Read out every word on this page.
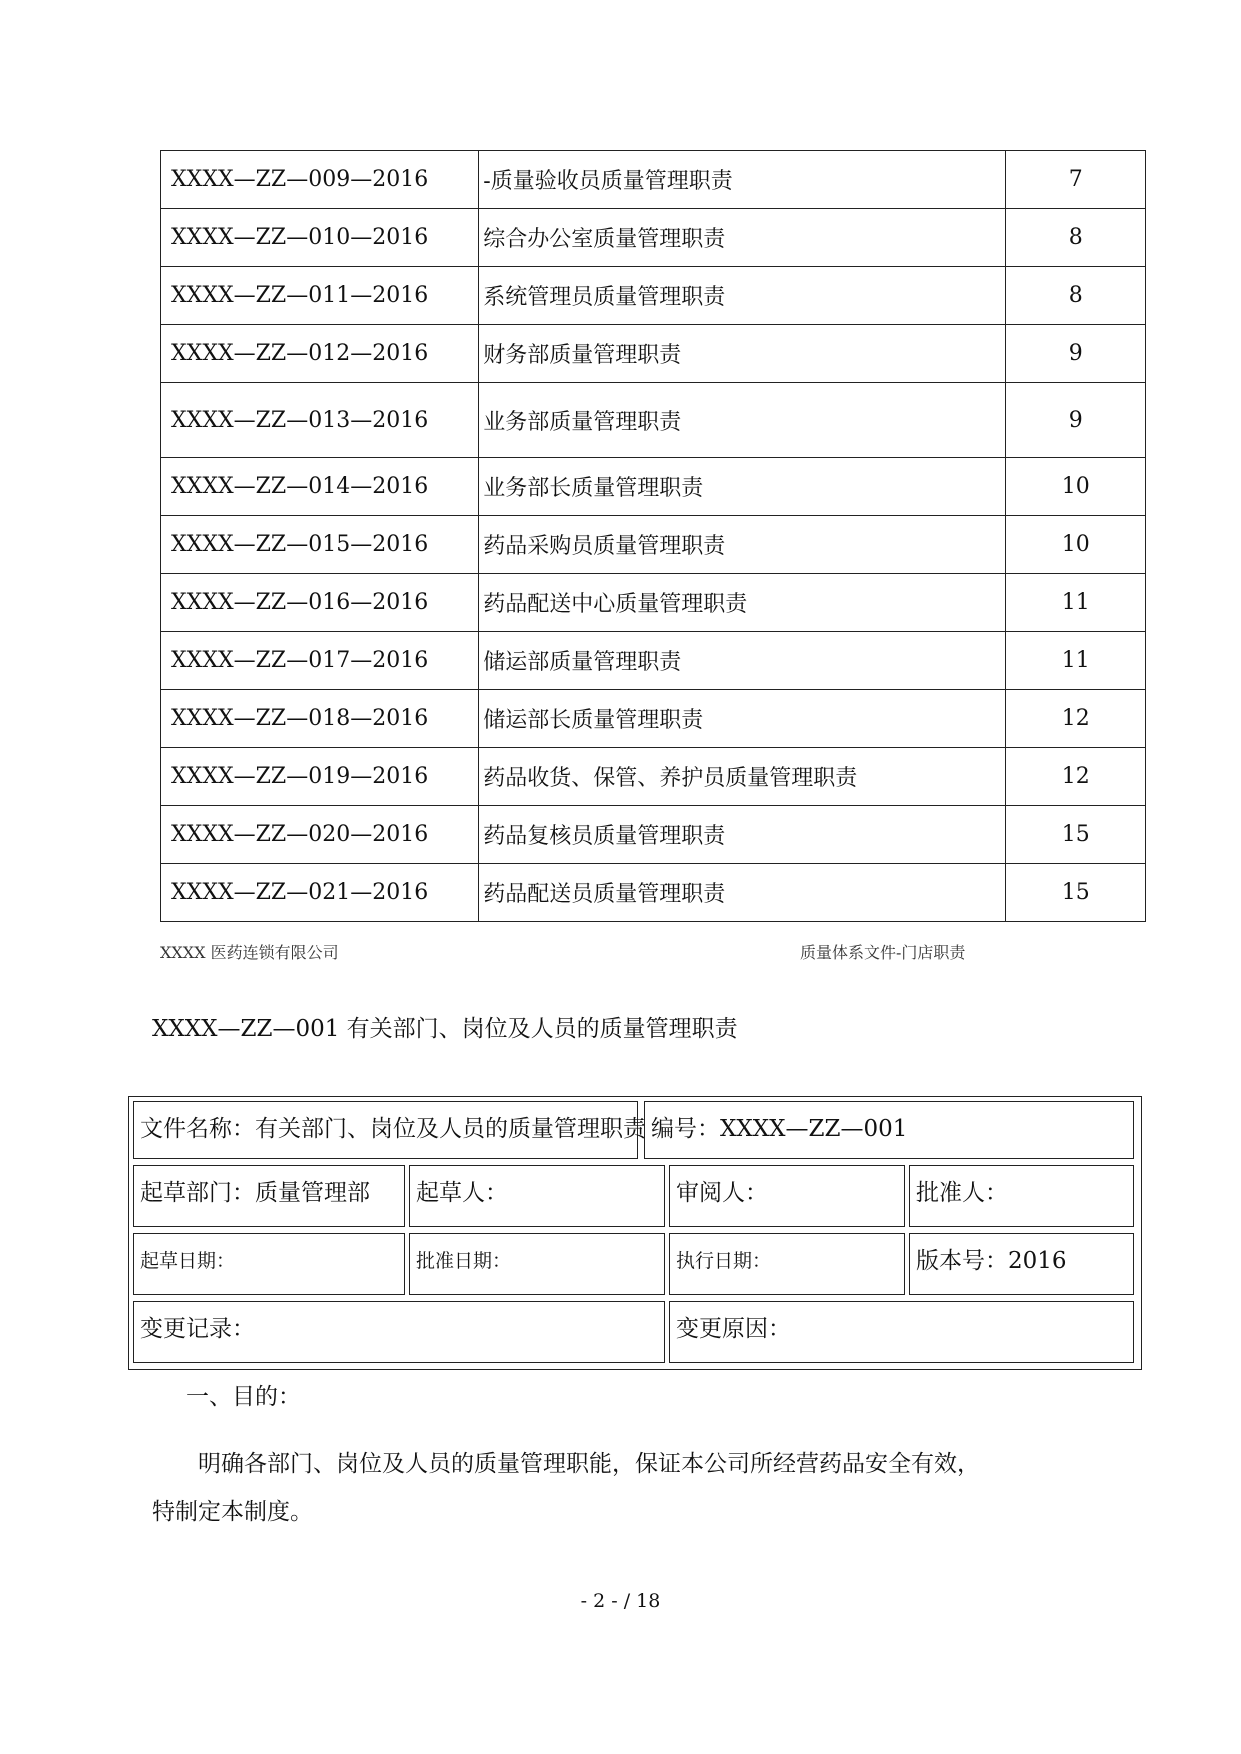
XXXX—ZZ—009—2016	-质量验收员质量管理职责	7
XXXX—ZZ—010—2016	综合办公室质量管理职责	8
XXXX—ZZ—011—2016	系统管理员质量管理职责	8
XXXX—ZZ—012—2016	财务部质量管理职责	9
XXXX—ZZ—013—2016	业务部质量管理职责	9
XXXX—ZZ—014—2016	业务部长质量管理职责	10
XXXX—ZZ—015—2016	药品采购员质量管理职责	10
XXXX—ZZ—016—2016	药品配送中心质量管理职责	11
XXXX—ZZ—017—2016	储运部质量管理职责	11
XXXX—ZZ—018—2016	储运部长质量管理职责	12
XXXX—ZZ—019—2016	药品收货、保管、养护员质量管理职责	12
XXXX—ZZ—020—2016	药品复核员质量管理职责	15
XXXX—ZZ—021—2016	药品配送员质量管理职责	15
XXXX 医药连锁有限公司	质量体系文件-门店职责
XXXX—ZZ—001 有关部门、岗位及人员的质量管理职责
文件名称：有关部门、岗位及人员的质量管理职责 编号：XXXX—ZZ—001
起草部门：质量管理部	起草人：	审阅人：	批准人：
起草日期：	批准日期：	执行日期：	版本号：2016
变更记录：	变更原因：
一、目的：
明确各部门、岗位及人员的质量管理职能，保证本公司所经营药品安全有效，
特制定本制度。
- 2 - / 18
